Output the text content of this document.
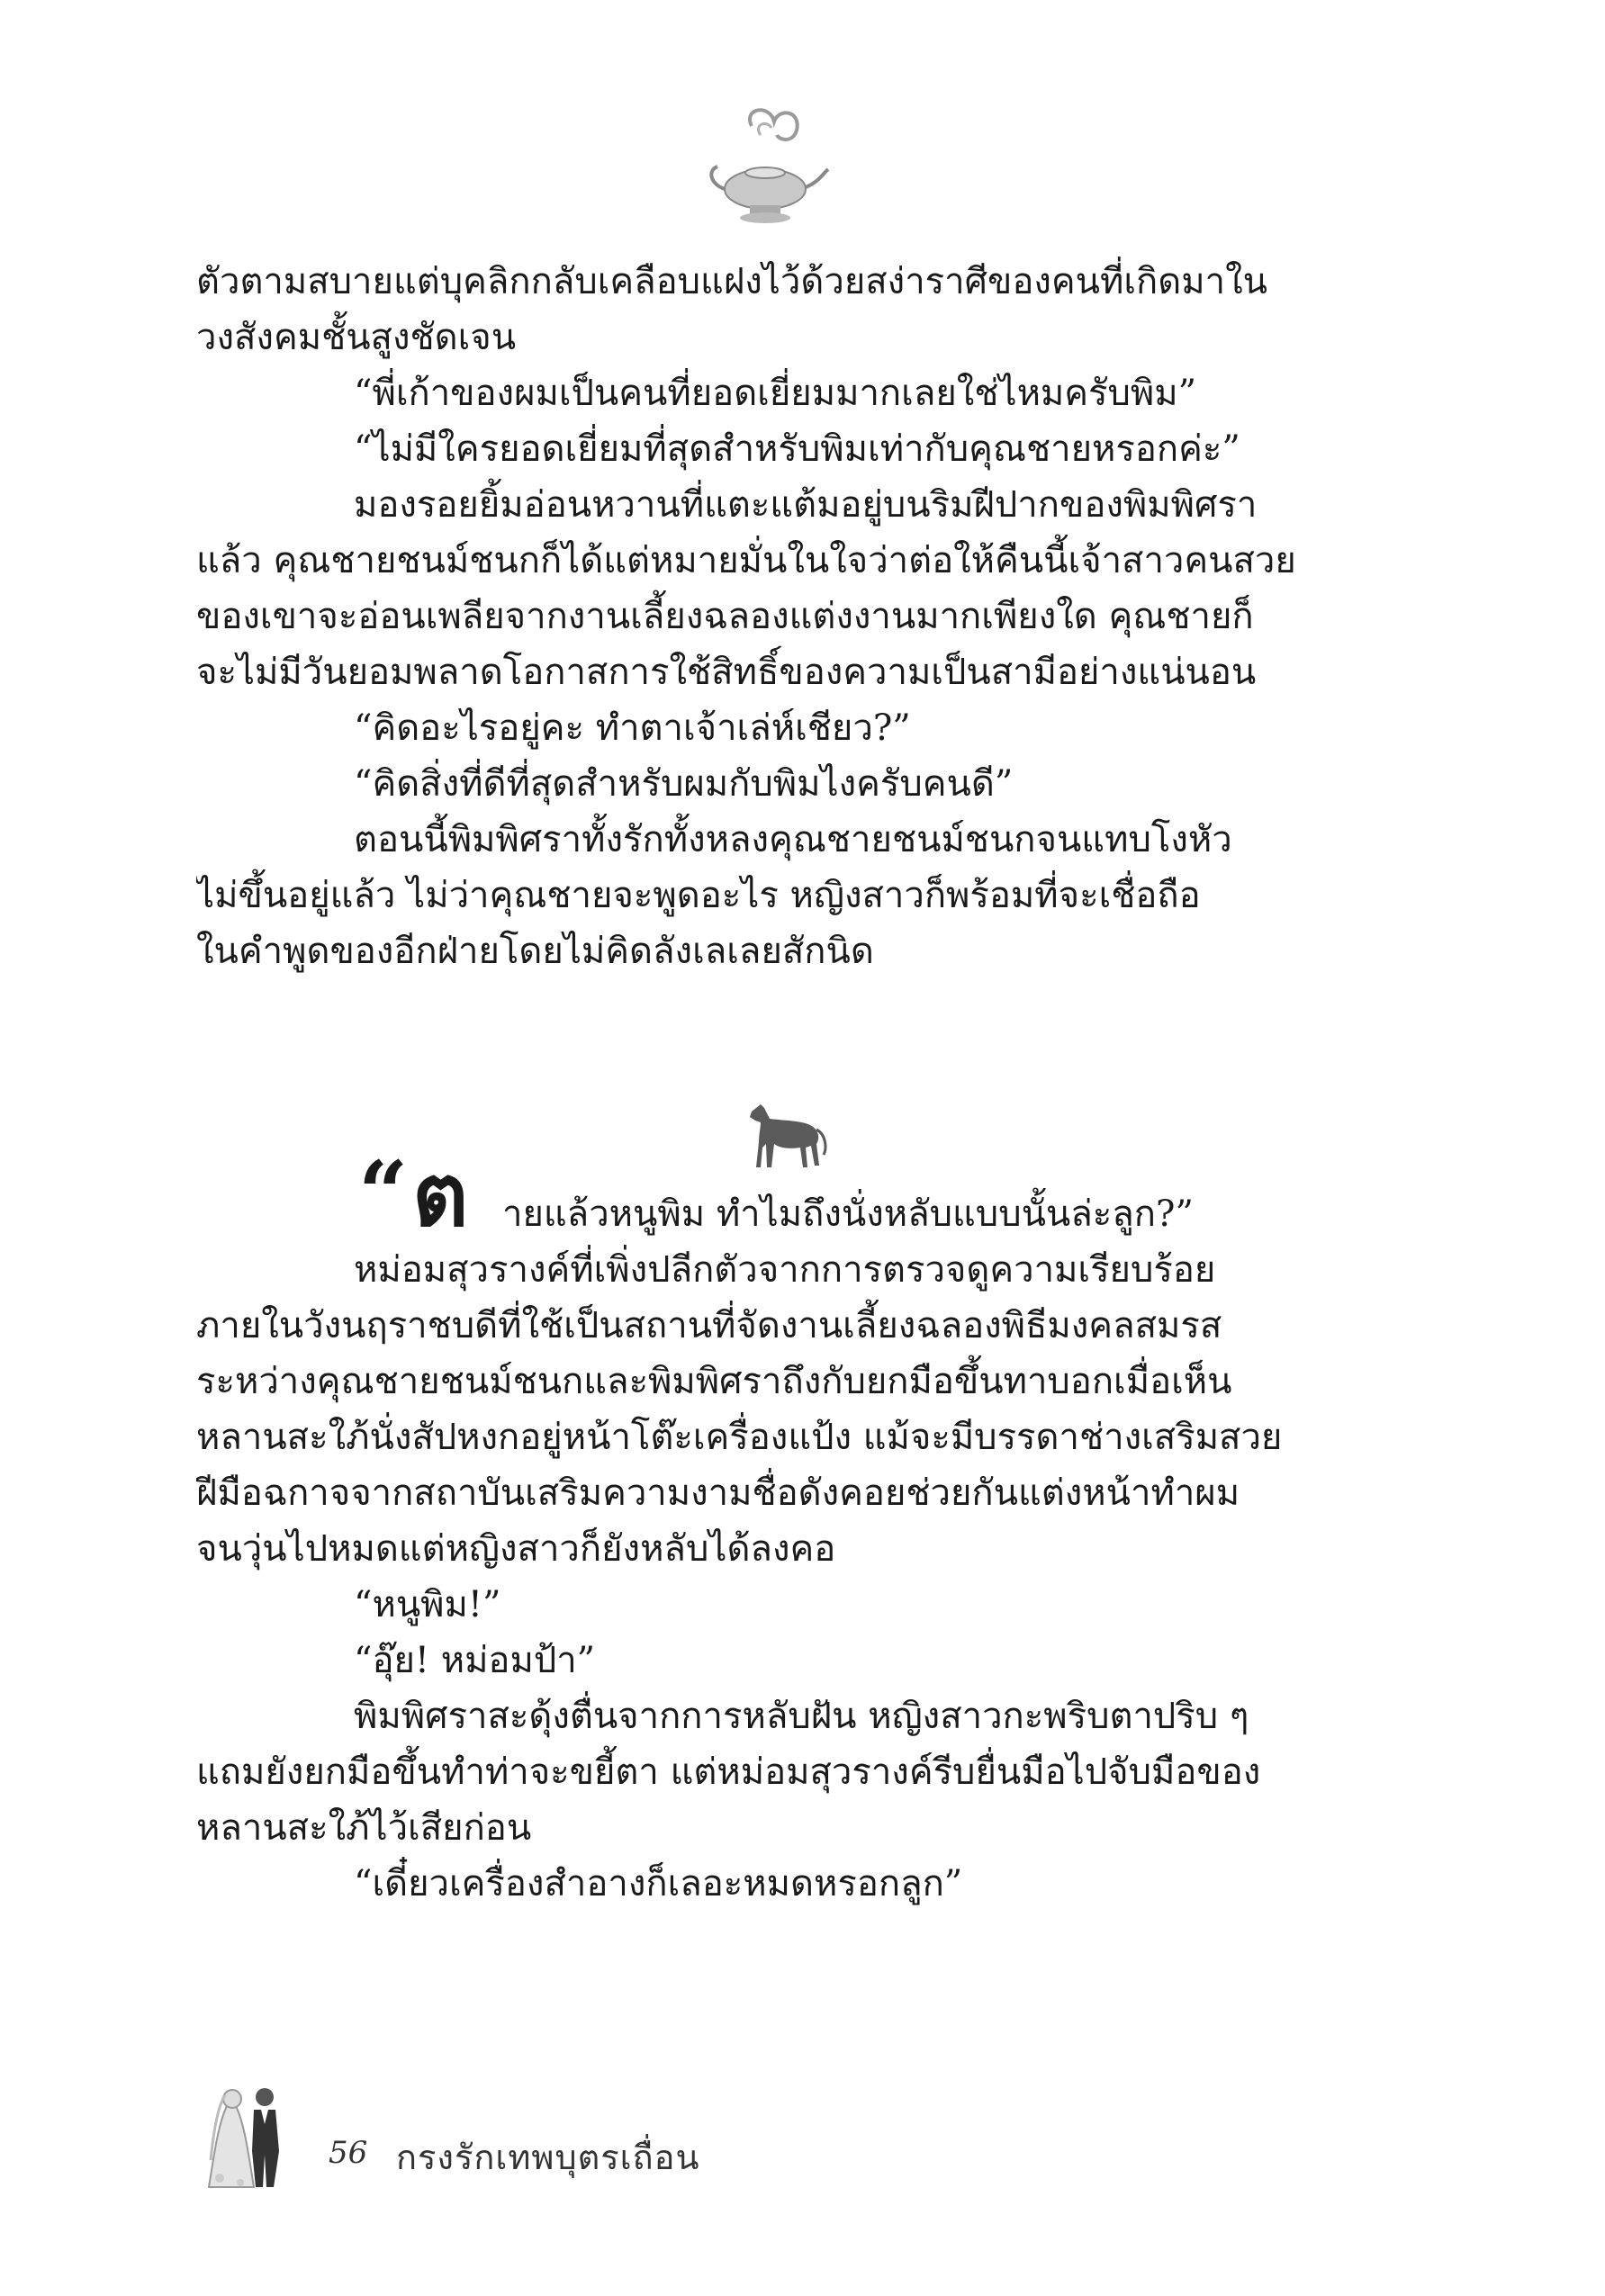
ตัวตามสบายแต่บุคลิกกลับเคลือบแฝงไว้ด้วยสง่าราศีของคนที่เกิดมาใน
วงสังคมชั้นสูงชัดเจน
“พี่เก้าของผมเป็นคนที่ยอดเยี่ยมมากเลยใช่ไหมครับพิม”
“ไม่มีใครยอดเยี่ยมที่สุดสำหรับพิมเท่ากับคุณชายหรอกค่ะ”
มองรอยยิ้มอ่อนหวานที่แตะแต้มอยู่บนริมฝีปากของพิมพิศรา
แล้ว คุณชายชนม์ชนกก็ได้แต่หมายมั่นในใจว่าต่อให้คืนนี้เจ้าสาวคนสวย
ของเขาจะอ่อนเพลียจากงานเลี้ยงฉลองแต่งงานมากเพียงใด คุณชายก็
จะไม่มีวันยอมพลาดโอกาสการใช้สิทธิ์ของความเป็นสามีอย่างแน่นอน
“คิดอะไรอยู่คะ ทำตาเจ้าเล่ห์เชียว?”
“คิดสิ่งที่ดีที่สุดสำหรับผมกับพิมไงครับคนดี”
ตอนนี้พิมพิศราทั้งรักทั้งหลงคุณชายชนม์ชนกจนแทบโงหัว
ไม่ขึ้นอยู่แล้ว ไม่ว่าคุณชายจะพูดอะไร หญิงสาวก็พร้อมที่จะเชื่อถือ
ในคำพูดของอีกฝ่ายโดยไม่คิดลังเลเลยสักนิด
“ ต ายแล้วหนูพิม ทำไมถึงนั่งหลับแบบนั้นล่ะลูก?”
หม่อมสุวรางค์ที่เพิ่งปลีกตัวจากการตรวจดูความเรียบร้อย
ภายในวังนฤราชบดีที่ใช้เป็นสถานที่จัดงานเลี้ยงฉลองพิธีมงคลสมรส
ระหว่างคุณชายชนม์ชนกและพิมพิศราถึงกับยกมือขึ้นทาบอกเมื่อเห็น
หลานสะใภ้นั่งสัปหงกอยู่หน้าโต๊ะเครื่องแป้ง แม้จะมีบรรดาช่างเสริมสวย
ฝีมือฉกาจจากสถาบันเสริมความงามชื่อดังคอยช่วยกันแต่งหน้าทำผม
จนวุ่นไปหมดแต่หญิงสาวก็ยังหลับได้ลงคอ
“หนูพิม!”
“อุ๊ย! หม่อมป้า”
พิมพิศราสะดุ้งตื่นจากการหลับฝัน หญิงสาวกะพริบตาปริบ ๆ
แถมยังยกมือขึ้นทำท่าจะขยี้ตา แต่หม่อมสุวรางค์รีบยื่นมือไปจับมือของ
หลานสะใภ้ไว้เสียก่อน
“เดี๋ยวเครื่องสำอางก็เลอะหมดหรอกลูก”
56 กรงรักเทพบุตรเถื่อน
